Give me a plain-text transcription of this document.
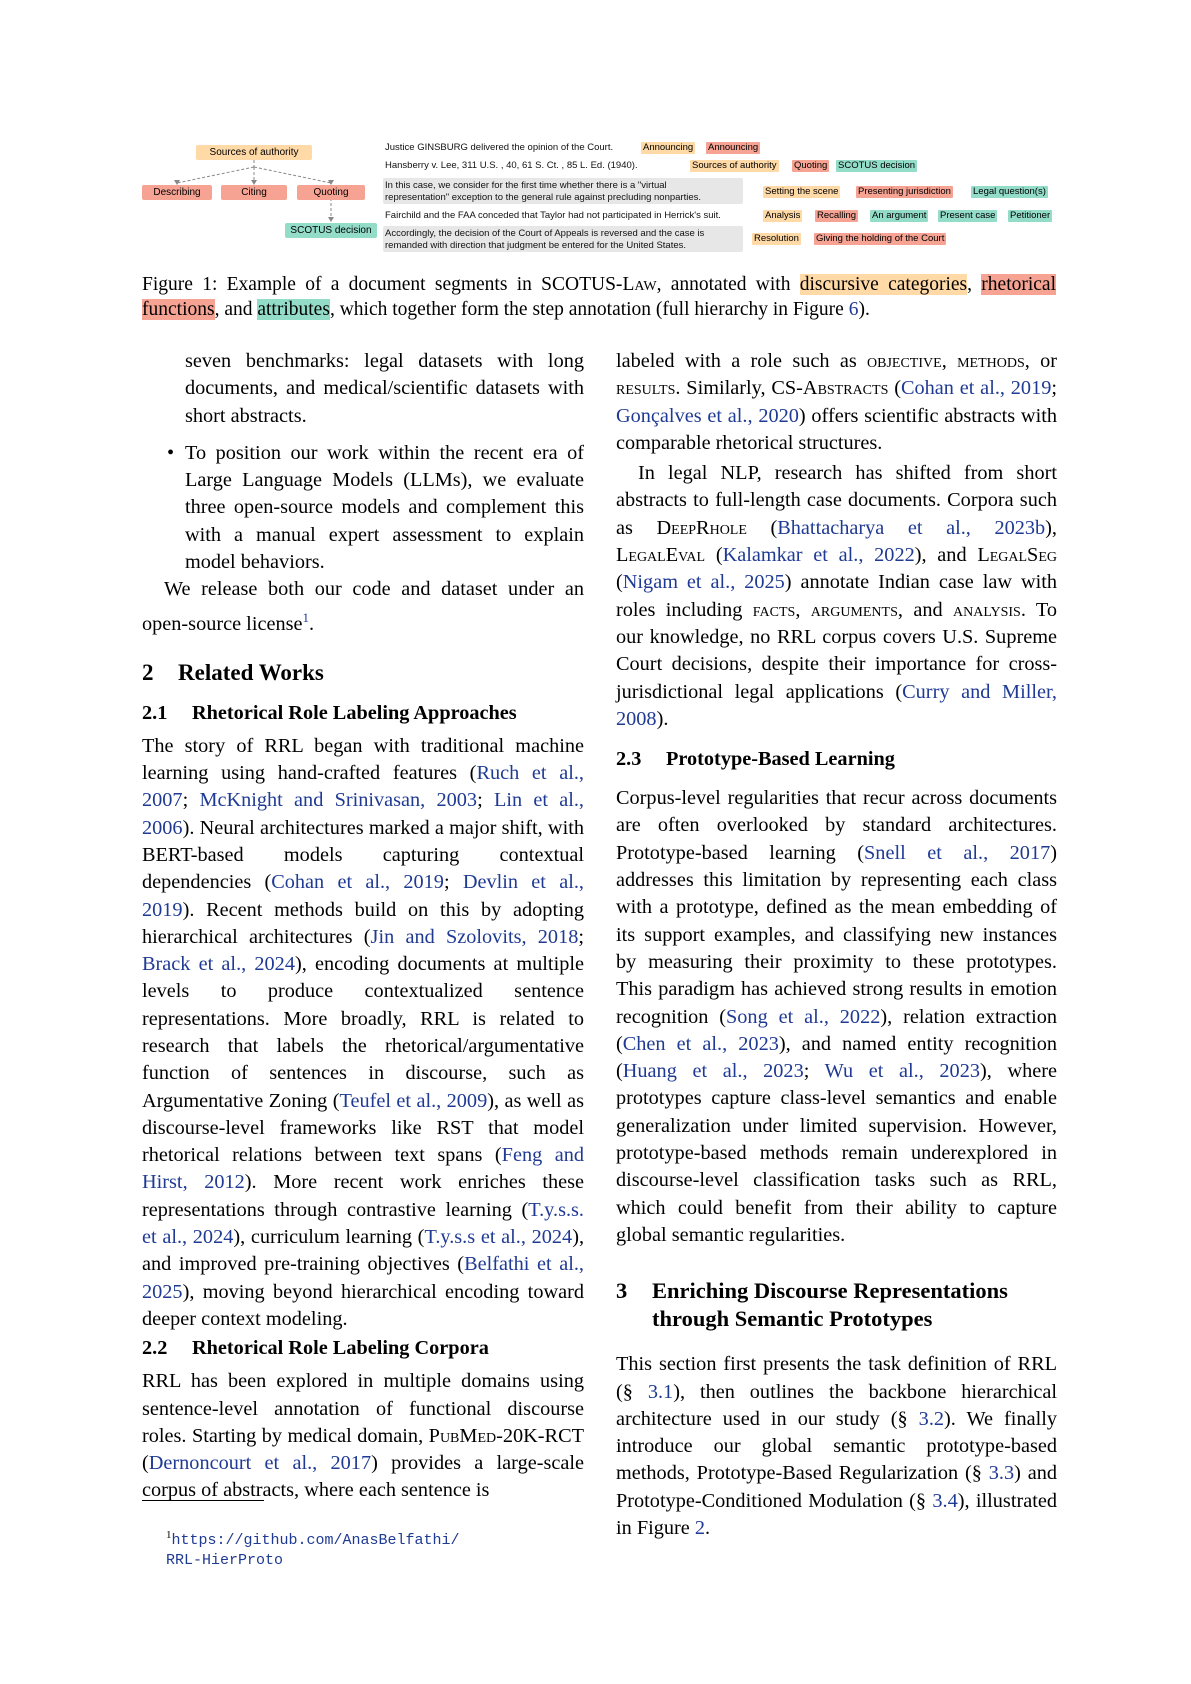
Sources of authority
Describing	Citing	Quoting
SCOTUS decision
Justice GINSBURG delivered the opinion of the Court.	Announcing Announcing
Hansberry v. Lee, 311 U.S. , 40, 61 S. Ct. , 85 L. Ed. (1940).	Sources of authority Quoting SCOTUS decision
In this case, we consider for the first time whether there is a "virtual
representation" exception to the general rule against precluding nonparties.	Setting the scene Presenting jurisdiction Legal question(s)
Fairchild and the FAA conceded that Taylor had not participated in Herrick's suit.	Analysis Recalling An argument Present case Petitioner
Accordingly, the decision of the Court of Appeals is reversed and the case is
remanded with direction that judgment be entered for the United States.
Resolution Giving the holding of the Court
Figure 1: Example of a document segments in SCOTUS-Law, annotated with discursive categories, rhetorical functions, and attributes, which together form the step annotation (full hierarchy in Figure 6).
seven benchmarks: legal datasets with long documents, and medical/scientific datasets with short abstracts.
• To position our work within the recent era of Large Language Models (LLMs), we evaluate three open-source models and complement this with a manual expert assessment to explain model behaviors.

We release both our code and dataset under an open-source license$^1$.

2 Related Works
2.1 Rhetorical Role Labeling Approaches

The story of RRL began with traditional machine learning using hand-crafted features (Ruch et al., 2007; McKnight and Srinivasan, 2003; Lin et al., 2006). Neural architectures marked a major shift, with BERT-based models capturing contextual dependencies (Cohan et al., 2019; Devlin et al., 2019). Recent methods build on this by adopting hierarchical architectures (Jin and Szolovits, 2018; Brack et al., 2024), encoding documents at multiple levels to produce contextualized sentence representations. More broadly, RRL is related to research that labels the rhetorical/argumentative function of sentences in discourse, such as Argumentative Zoning (Teufel et al., 2009), as well as discourse-level frameworks like RST that model rhetorical relations between text spans (Feng and Hirst, 2012). More recent work enriches these representations through contrastive learning (T.y.s.s. et al., 2024), curriculum learning (T.y.s.s et al., 2024), and improved pre-training objectives (Belfathi et al., 2025), moving beyond hierarchical encoding toward deeper context modeling.

2.2 Rhetorical Role Labeling Corpora

RRL has been explored in multiple domains using sentence-level annotation of functional discourse roles. Starting by medical domain, PubMed-20K-RCT (Dernoncourt et al., 2017) provides a large-scale corpus of abstracts, where each sentence is

$^1$https://github.com/AnasBelfathi/
RRL-HierProto

labeled with a role such as objective, methods, or results. Similarly, CS-Abstracts (Cohan et al., 2019; Gonçalves et al., 2020) offers scientific abstracts with comparable rhetorical structures.

In legal NLP, research has shifted from short abstracts to full-length case documents. Corpora such as DeepRhole (Bhattacharya et al., 2023b), LegalEval (Kalamkar et al., 2022), and LegalSeg (Nigam et al., 2025) annotate Indian case law with roles including facts, arguments, and analysis. To our knowledge, no RRL corpus covers U.S. Supreme Court decisions, despite their importance for cross-jurisdictional legal applications (Curry and Miller, 2008).

2.3 Prototype-Based Learning

Corpus-level regularities that recur across documents are often overlooked by standard architectures. Prototype-based learning (Snell et al., 2017) addresses this limitation by representing each class with a prototype, defined as the mean embedding of its support examples, and classifying new instances by measuring their proximity to these prototypes. This paradigm has achieved strong results in emotion recognition (Song et al., 2022), relation extraction (Chen et al., 2023), and named entity recognition (Huang et al., 2023; Wu et al., 2023), where prototypes capture class-level semantics and enable generalization under limited supervision. However, prototype-based methods remain underexplored in discourse-level classification tasks such as RRL, which could benefit from their ability to capture global semantic regularities.

3 Enriching Discourse Representations
through Semantic Prototypes

This section first presents the task definition of RRL (§ 3.1), then outlines the backbone hierarchical architecture used in our study (§ 3.2). We finally introduce our global semantic prototype-based methods, Prototype-Based Regularization (§ 3.3) and Prototype-Conditioned Modulation (§ 3.4), illustrated in Figure 2.
